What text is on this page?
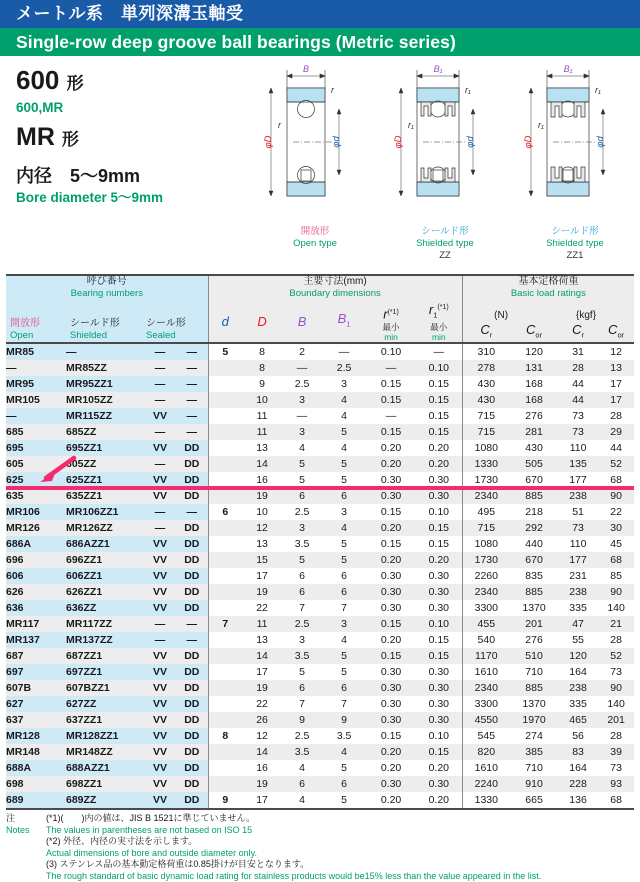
メートル系　単列深溝玉軸受
Single-row deep groove ball bearings (Metric series)
600 形
600,MR
MR 形
内径　5〜9mm
Bore diameter 5〜9mm
B
φD	φd
r
r
開放形
Open type
B₁
φD	φd
r₁
r₁
シールド形
Shielded type
ZZ
B₁
φD	φd
r₁
r₁
シールド形
Shielded type
ZZ1
呼び番号
Bearing numbers

主要寸法(mm)
Boundary dimensions

基本定格荷重
Basic load ratings

開放形
Open

シールド形
Shielded

シール形
Sealed
	d	D	B	$B_1$	
$r^{(*1)}$
最小
min

$r_1^{(*1)}$
最小
min

(N)
$C_r$	$C_{or}$

{kgf}
$C_r$	$C_{or}$

MR85	—	—	—	5	8	2	—	0.10	—	310	120	31	12
—	MR85ZZ	—	—		8	—	2.5	—	0.10	278	131	28	13
MR95	MR95ZZ1	—	—		9	2.5	3	0.15	0.15	430	168	44	17
MR105	MR105ZZ	—	—		10	3	4	0.15	0.15	430	168	44	17
—	MR115ZZ	VV	—		11	—	4	—	0.15	715	276	73	28
685	685ZZ	—	—		11	3	5	0.15	0.15	715	281	73	29
695	695ZZ1	VV	DD		13	4	4	0.20	0.20	1080	430	110	44
605	605ZZ	—	DD		14	5	5	0.20	0.20	1330	505	135	52
625	625ZZ1	VV	DD		16	5	5	0.30	0.30	1730	670	177	68
635	635ZZ1	VV	DD		19	6	6	0.30	0.30	2340	885	238	90
MR106	MR106ZZ1	—	—	6	10	2.5	3	0.15	0.10	495	218	51	22
MR126	MR126ZZ	—	DD		12	3	4	0.20	0.15	715	292	73	30
686A	686AZZ1	VV	DD		13	3.5	5	0.15	0.15	1080	440	110	45
696	696ZZ1	VV	DD		15	5	5	0.20	0.20	1730	670	177	68
606	606ZZ1	VV	DD		17	6	6	0.30	0.30	2260	835	231	85
626	626ZZ1	VV	DD		19	6	6	0.30	0.30	2340	885	238	90
636	636ZZ	VV	DD		22	7	7	0.30	0.30	3300	1370	335	140
MR117	MR117ZZ	—	—	7	11	2.5	3	0.15	0.10	455	201	47	21
MR137	MR137ZZ	—	—		13	3	4	0.20	0.15	540	276	55	28
687	687ZZ1	VV	DD		14	3.5	5	0.15	0.15	1170	510	120	52
697	697ZZ1	VV	DD		17	5	5	0.30	0.30	1610	710	164	73
607B	607BZZ1	VV	DD		19	6	6	0.30	0.30	2340	885	238	90
627	627ZZ	VV	DD		22	7	7	0.30	0.30	3300	1370	335	140
637	637ZZ1	VV	DD		26	9	9	0.30	0.30	4550	1970	465	201
MR128	MR128ZZ1	VV	DD	8	12	2.5	3.5	0.15	0.10	545	274	56	28
MR148	MR148ZZ	VV	DD		14	3.5	4	0.20	0.15	820	385	83	39
688A	688AZZ1	VV	DD		16	4	5	0.20	0.20	1610	710	164	73
698	698ZZ1	VV	DD		19	6	6	0.30	0.30	2240	910	228	93
689	689ZZ	VV	DD	9	17	4	5	0.20	0.20	1330	665	136	68
注	(*1)(　　)内の値は、JIS B 1521に準じていません。
Notes	The values in parentheses are not based on ISO 15
(*2) 外径、内径の実寸法を示します。
Actual dimensions of bore and outside diameter only.
(3) ステンレス品の基本動定格荷重は0.85掛けが目安となります。
The rough standard of basic dynamic load rating for stainless products would be15% less than the value appeared in the list.
